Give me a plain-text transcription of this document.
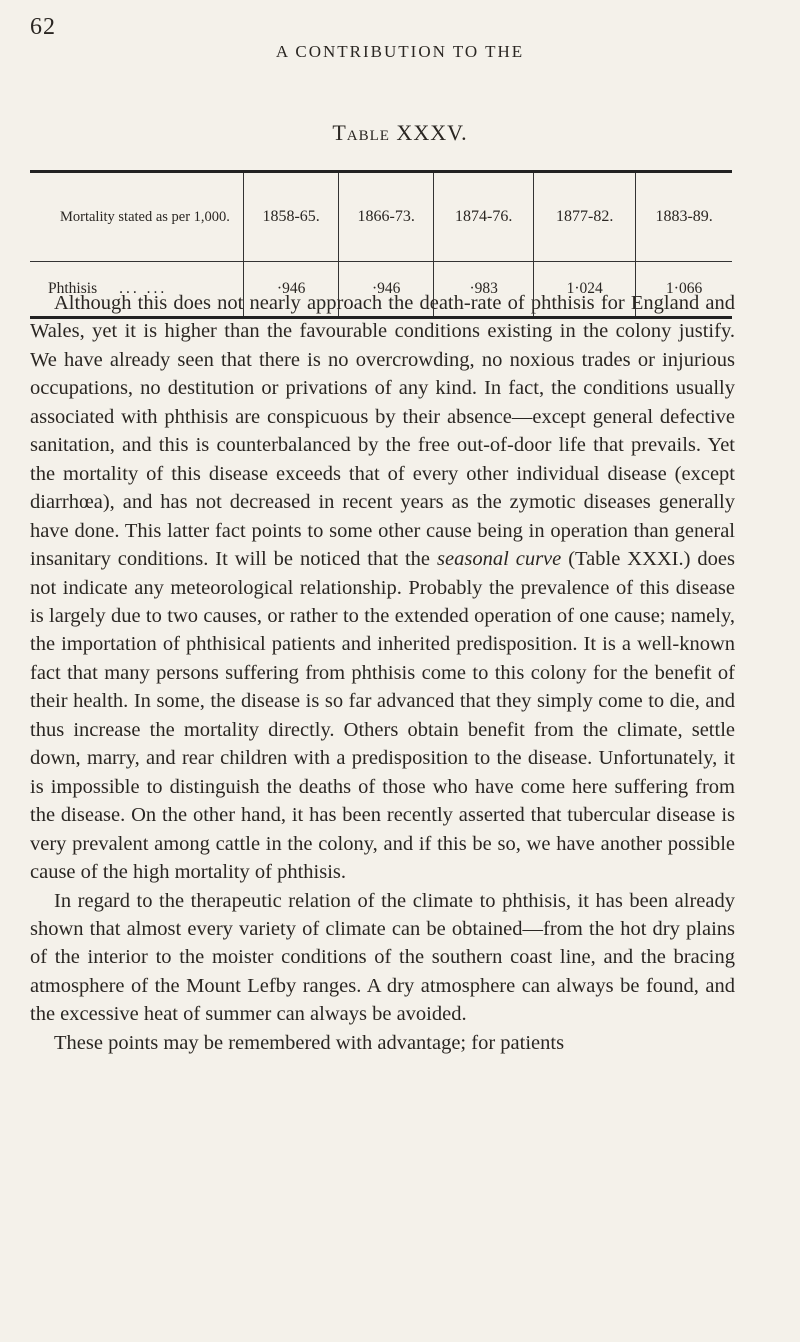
62
A CONTRIBUTION TO THE
Table XXXV.
Mortality stated as per 1,000.	1858-65.	1866-73.	1874-76.	1877-82.	1883-89.
Phthisis ... ...	·946	·946	·983	1·024	1·066

Although this does not nearly approach the death-rate of phthisis for England and Wales, yet it is higher than the favourable conditions existing in the colony justify. We have already seen that there is no overcrowding, no noxious trades or injurious occupations, no destitution or privations of any kind. In fact, the conditions usually associated with phthisis are conspicuous by their absence—except general defective sanitation, and this is counterbalanced by the free out-of-door life that prevails. Yet the mortality of this disease exceeds that of every other individual disease (except diarrhœa), and has not decreased in recent years as the zymotic diseases generally have done. This latter fact points to some other cause being in operation than general insanitary conditions. It will be noticed that the seasonal curve (Table XXXI.) does not indicate any meteorological relationship. Probably the prevalence of this disease is largely due to two causes, or rather to the extended operation of one cause; namely, the importation of phthisical patients and inherited predisposition. It is a well-known fact that many persons suffering from phthisis come to this colony for the benefit of their health. In some, the disease is so far advanced that they simply come to die, and thus increase the mortality directly. Others obtain benefit from the climate, settle down, marry, and rear children with a predisposition to the disease. Unfortunately, it is impossible to distinguish the deaths of those who have come here suffering from the disease. On the other hand, it has been recently asserted that tubercular disease is very prevalent among cattle in the colony, and if this be so, we have another possible cause of the high mortality of phthisis.

In regard to the therapeutic relation of the climate to phthisis, it has been already shown that almost every variety of climate can be obtained—from the hot dry plains of the interior to the moister conditions of the southern coast line, and the bracing atmosphere of the Mount Lefby ranges. A dry atmosphere can always be found, and the excessive heat of summer can always be avoided.

These points may be remembered with advantage; for patients
